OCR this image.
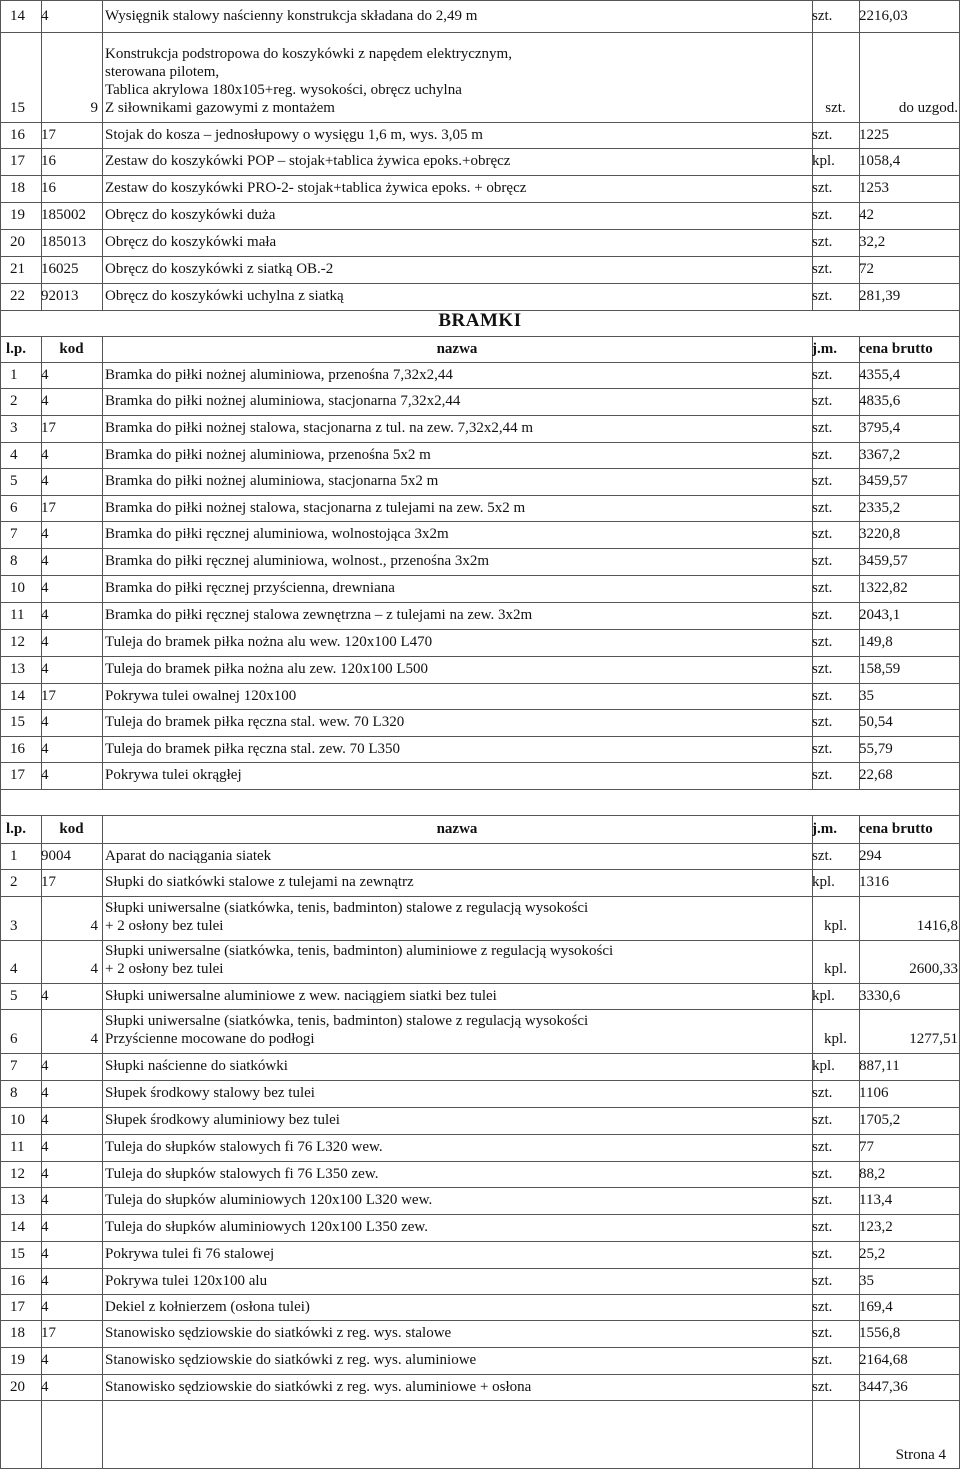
14	4	Wysięgnik stalowy naścienny konstrukcja składana do 2,49 m	szt.	2216,03
15	9
Konstrukcja podstropowa do koszykówki z napędem elektrycznym,
sterowana pilotem,
Tablica akrylowa 180x105+reg. wysokości, obręcz uchylna
Z siłownikami gazowymi z montażem	szt.	do uzgod.
16	17	Stojak do kosza – jednosłupowy o wysięgu 1,6 m, wys. 3,05 m	szt.	1225
17	16	Zestaw do koszykówki POP – stojak+tablica żywica epoks.+obręcz	kpl.	1058,4
18	16	Zestaw do koszykówki PRO-2- stojak+tablica żywica epoks. + obręcz	szt.	1253
19	185002	Obręcz do koszykówki duża	szt.	42
20	185013	Obręcz do koszykówki mała	szt.	32,2
21	16025	Obręcz do koszykówki z siatką OB.-2	szt.	72
22	92013	Obręcz do koszykówki uchylna z siatką	szt.	281,39
l.p.	kod	nazwa	j.m.	cena brutto
1	4	Bramka do piłki nożnej aluminiowa, przenośna 7,32x2,44	szt.	4355,4
2	4	Bramka do piłki nożnej aluminiowa, stacjonarna 7,32x2,44	szt.	4835,6
3	17	Bramka do piłki nożnej stalowa, stacjonarna z tul. na zew. 7,32x2,44 m	szt.	3795,4
4	4	Bramka do piłki nożnej aluminiowa, przenośna 5x2 m	szt.	3367,2
5	4	Bramka do piłki nożnej aluminiowa, stacjonarna 5x2 m	szt.	3459,57
6	17	Bramka do piłki nożnej stalowa, stacjonarna z tulejami na zew. 5x2 m	szt.	2335,2
7	4	Bramka do piłki ręcznej aluminiowa, wolnostojąca 3x2m	szt.	3220,8
8	4	Bramka do piłki ręcznej aluminiowa, wolnost., przenośna 3x2m	szt.	3459,57
10	4	Bramka do piłki ręcznej przyścienna, drewniana	szt.	1322,82
11	4	Bramka do piłki ręcznej stalowa zewnętrzna – z tulejami na zew. 3x2m	szt.	2043,1
12	4	Tuleja do bramek piłka nożna alu wew. 120x100 L470	szt.	149,8
13	4	Tuleja do bramek piłka nożna alu zew. 120x100 L500	szt.	158,59
14	17	Pokrywa tulei owalnej 120x100	szt.	35
15	4	Tuleja do bramek piłka ręczna stal. wew. 70 L320	szt.	50,54
16	4	Tuleja do bramek piłka ręczna stal. zew. 70 L350	szt.	55,79
17	4	Pokrywa tulei okrągłej	szt.	22,68
l.p.	kod	nazwa	j.m.	cena brutto
1	9004	Aparat do naciągania siatek	szt.	294
2	17	Słupki do siatkówki stalowe z tulejami na zewnątrz	kpl.	1316
3	4
Słupki uniwersalne (siatkówka, tenis, badminton) stalowe z regulacją wysokości
+ 2 osłony bez tulei	kpl.	1416,8
4	4
Słupki uniwersalne (siatkówka, tenis, badminton) aluminiowe z regulacją wysokości
+ 2 osłony bez tulei	kpl.	2600,33
5	4	Słupki uniwersalne aluminiowe z wew. naciągiem siatki bez tulei	kpl.	3330,6
6	4
Słupki uniwersalne (siatkówka, tenis, badminton) stalowe z regulacją wysokości
Przyścienne mocowane do podłogi	kpl.	1277,51
7	4	Słupki naścienne do siatkówki	kpl.	887,11
8	4	Słupek środkowy stalowy bez tulei	szt.	1106
10	4	Słupek środkowy aluminiowy bez tulei	szt.	1705,2
11	4	Tuleja do słupków stalowych fi 76 L320 wew.	szt.	77
12	4	Tuleja do słupków stalowych fi 76 L350 zew.	szt.	88,2
13	4	Tuleja do słupków aluminiowych 120x100 L320 wew.	szt.	113,4
14	4	Tuleja do słupków aluminiowych 120x100 L350 zew.	szt.	123,2
15	4	Pokrywa tulei fi 76 stalowej	szt.	25,2
16	4	Pokrywa tulei 120x100 alu	szt.	35
17	4	Dekiel z kołnierzem (osłona tulei)	szt.	169,4
18	17	Stanowisko sędziowskie do siatkówki z reg. wys. stalowe	szt.	1556,8
19	4	Stanowisko sędziowskie do siatkówki z reg. wys. aluminiowe	szt.	2164,68
20	4	Stanowisko sędziowskie do siatkówki z reg. wys. aluminiowe + osłona	szt.	3447,36
BRAMKI
Strona 4
